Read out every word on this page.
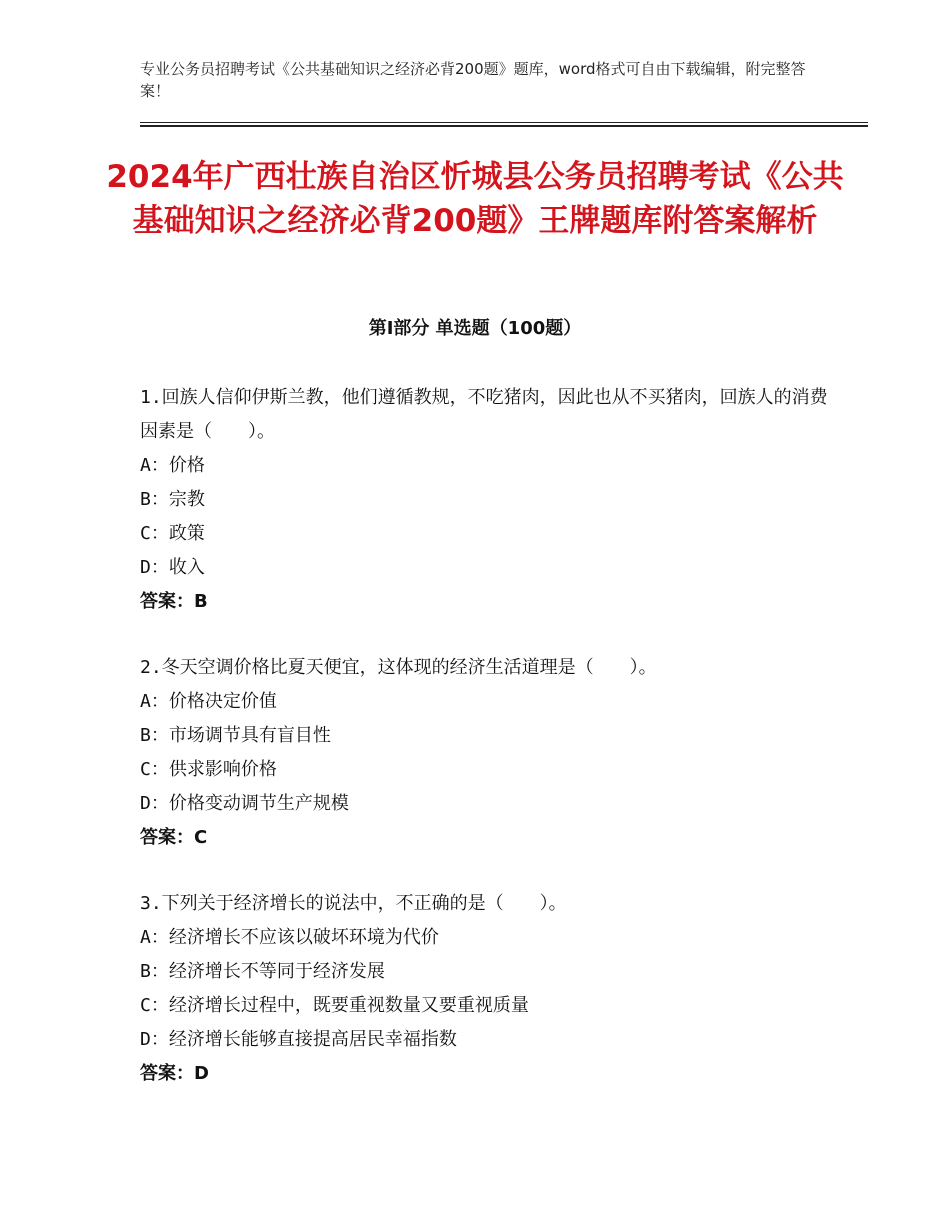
专业公务员招聘考试《公共基础知识之经济必背200题》题库，word格式可自由下载编辑，附完整答案！
2024年广西壮族自治区忻城县公务员招聘考试《公共基础知识之经济必背200题》王牌题库附答案解析
第Ⅰ部分 单选题（100题）

1.回族人信仰伊斯兰教，他们遵循教规，不吃猪肉，因此也从不买猪肉，回族人的消费因素是（　　）。

A：价格

B：宗教

C：政策

D：收入

答案：B

2.冬天空调价格比夏天便宜，这体现的经济生活道理是（　　）。

A：价格决定价值

B：市场调节具有盲目性

C：供求影响价格

D：价格变动调节生产规模

答案：C

3.下列关于经济增长的说法中，不正确的是（　　）。

A：经济增长不应该以破坏环境为代价

B：经济增长不等同于经济发展

C：经济增长过程中，既要重视数量又要重视质量

D：经济增长能够直接提高居民幸福指数

答案：D
